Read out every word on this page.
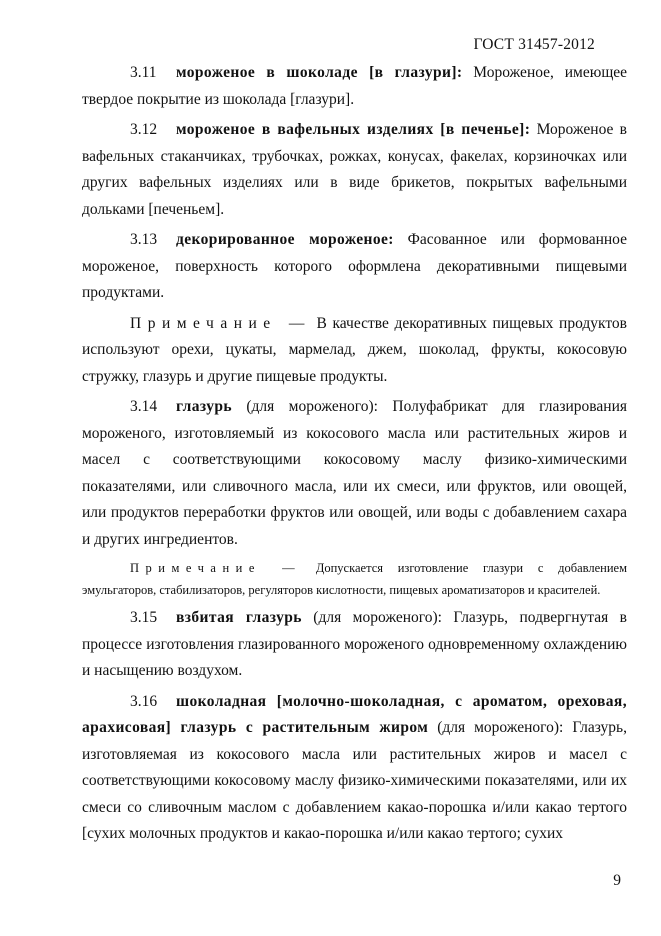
ГОСТ 31457-2012

3.11 мороженое в шоколаде [в глазури]: Мороженое, имеющее твердое покрытие из шоколада [глазури].

3.12 мороженое в вафельных изделиях [в печенье]: Мороженое в вафельных стаканчиках, трубочках, рожках, конусах, факелах, корзиночках или других вафельных изделиях или в виде брикетов, покрытых вафельными дольками [печеньем].

3.13 декорированное мороженое: Фасованное или формованное мороженое, поверхность которого оформлена декоративными пищевыми продуктами.

Примечание — В качестве декоративных пищевых продуктов используют орехи, цукаты, мармелад, джем, шоколад, фрукты, кокосовую стружку, глазурь и другие пищевые продукты.

3.14 глазурь (для мороженого): Полуфабрикат для глазирования мороженого, изготовляемый из кокосового масла или растительных жиров и масел с соответствующими кокосовому маслу физико-химическими показателями, или сливочного масла, или их смеси, или фруктов, или овощей, или продуктов переработки фруктов или овощей, или воды с добавлением сахара и других ингредиентов.

Примечание — Допускается изготовление глазури с добавлением эмульгаторов, стабилизаторов, регуляторов кислотности, пищевых ароматизаторов и красителей.

3.15 взбитая глазурь (для мороженого): Глазурь, подвергнутая в процессе изготовления глазированного мороженого одновременному охлаждению и насыщению воздухом.

3.16 шоколадная [молочно-шоколадная, с ароматом, ореховая, арахисовая] глазурь с растительным жиром (для мороженого): Глазурь, изготовляемая из кокосового масла или растительных жиров и масел с соответствующими кокосовому маслу физико-химическими показателями, или их смеси со сливочным маслом с добавлением какао-порошка и/или какао тертого [сухих молочных продуктов и какао-порошка и/или какао тертого; сухих

9
